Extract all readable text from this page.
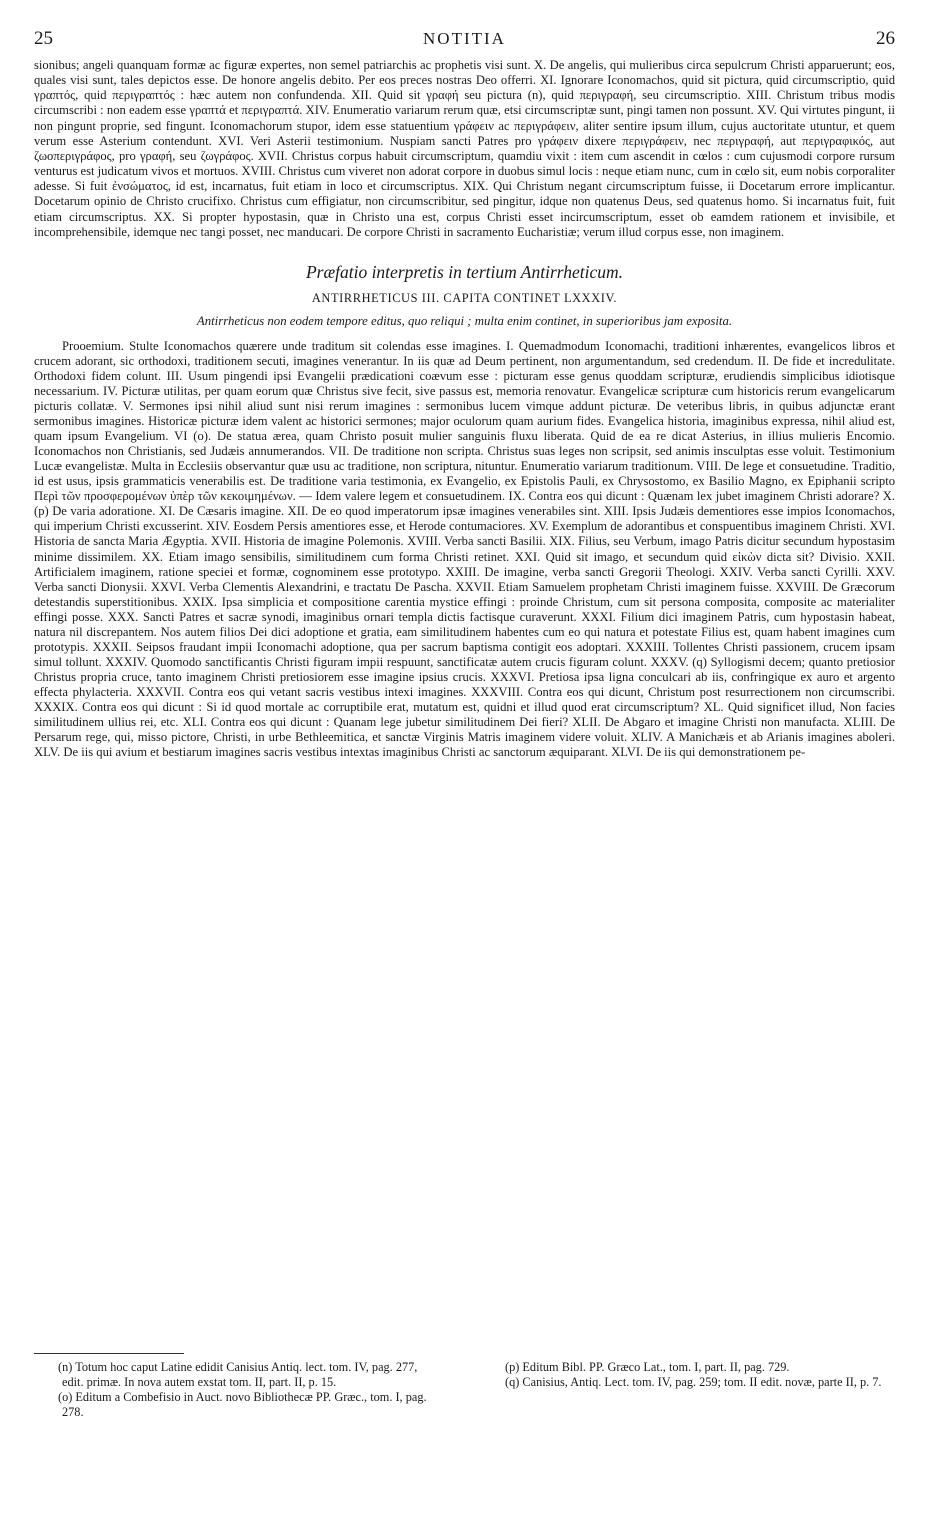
25	NOTITIA	26

sionibus; angeli quanquam formæ ac figuræ expertes, non semel patriarchis ac prophetis visi sunt. X. De angelis, qui mulieribus circa sepulcrum Christi apparuerunt; eos, quales visi sunt, tales depictos esse. De honore angelis debito. Per eos preces nostras Deo offerri. XI. Ignorare Iconomachos, quid sit pictura, quid circumscriptio, quid γραπτός, quid περιγραπτός : hæc autem non confundenda. XII. Quid sit γραφή seu pictura (n), quid περιγραφή, seu circumscriptio. XIII. Christum tribus modis circumscribi : non eadem esse γραπτά et περιγραπτά. XIV. Enumeratio variarum rerum quæ, etsi circumscriptæ sunt, pingi tamen non possunt. XV. Qui virtutes pingunt, ii non pingunt proprie, sed fingunt. Iconomachorum stupor, idem esse statuentium γράφειν ac περιγράφειν, aliter sentire ipsum illum, cujus auctoritate utuntur, et quem verum esse Asterium contendunt. XVI. Veri Asterii testimonium. Nuspiam sancti Patres pro γράφειν dixere περιγράφειν, nec περιγραφή, aut περιγραφικός, aut ζωοπεριγράφος, pro γραφή, seu ζωγράφος. XVII. Christus corpus habuit circumscriptum, quamdiu vixit : item cum ascendit in cœlos : cum cujusmodi corpore rursum venturus est judicatum vivos et mortuos. XVIII. Christus cum viveret non adorat corpore in duobus simul locis : neque etiam nunc, cum in cœlo sit, eum nobis corporaliter adesse. Si fuit ἐνσώματος, id est, incarnatus, fuit etiam in loco et circumscriptus. XIX. Qui Christum negant circumscriptum fuisse, ii Docetarum errore implicantur. Docetarum opinio de Christo crucifixo. Christus cum effigiatur, non circumscribitur, sed pingitur, idque non quatenus Deus, sed quatenus homo. Si incarnatus fuit, fuit etiam circumscriptus. XX. Si propter hypostasin, quæ in Christo una est, corpus Christi esset incircumscriptum, esset ob eamdem rationem et invisibile, et incomprehensibile, idemque nec tangi posset, nec manducari. De corpore Christi in sacramento Eucharistiæ; verum illud corpus esse, non imaginem.

Præfatio interpretis in tertium Antirrheticum.
ANTIRRHETICUS III. CAPITA CONTINET LXXXIV.
Antirrheticus non eodem tempore editus, quo reliqui ; multa enim continet, in superioribus jam exposita.

Prooemium. Stulte Iconomachos quærere unde traditum sit colendas esse imagines. I. Quemadmodum Iconomachi, traditioni inhærentes, evangelicos libros et crucem adorant, sic orthodoxi, traditionem secuti, imagines venerantur. In iis quæ ad Deum pertinent, non argumentandum, sed credendum. II. De fide et incredulitate. Orthodoxi fidem colunt. III. Usum pingendi ipsi Evangelii prædicationi coævum esse : picturam esse genus quoddam scripturæ, erudiendis simplicibus idiotisque necessarium. IV. Picturæ utilitas, per quam eorum quæ Christus sive fecit, sive passus est, memoria renovatur. Evangelicæ scripturæ cum historicis rerum evangelicarum picturis collatæ. V. Sermones ipsi nihil aliud sunt nisi rerum imagines : sermonibus lucem vimque addunt picturæ. De veteribus libris, in quibus adjunctæ erant sermonibus imagines. Historicæ picturæ idem valent ac historici sermones; major oculorum quam aurium fides. Evangelica historia, imaginibus expressa, nihil aliud est, quam ipsum Evangelium. VI (o). De statua ærea, quam Christo posuit mulier sanguinis fluxu liberata. Quid de ea re dicat Asterius, in illius mulieris Encomio. Iconomachos non Christianis, sed Judæis annumerandos. VII. De traditione non scripta. Christus suas leges non scripsit, sed animis insculptas esse voluit. Testimonium Lucæ evangelistæ. Multa in Ecclesiis observantur quæ usu ac traditione, non scriptura, nituntur. Enumeratio variarum traditionum. VIII. De lege et consuetudine. Traditio, id est usus, ipsis grammaticis venerabilis est. De traditione varia testimonia, ex Evangelio, ex Epistolis Pauli, ex Chrysostomo, ex Basilio Magno, ex Epiphanii scripto Περὶ τῶν προσφερομένων ὑπὲρ τῶν κεκοιμημένων. — Idem valere legem et consuetudinem. IX. Contra eos qui dicunt : Quænam lex jubet imaginem Christi adorare? X. (p) De varia adoratione. XI. De Cæsaris imagine. XII. De eo quod imperatorum ipsæ imagines venerabiles sint. XIII. Ipsis Judæis dementiores esse impios Iconomachos, qui imperium Christi excusserint. XIV. Eosdem Persis amentiores esse, et Herode contumaciores. XV. Exemplum de adorantibus et conspuentibus imaginem Christi. XVI. Historia de sancta Maria Ægyptia. XVII. Historia de imagine Polemonis. XVIII. Verba sancti Basilii. XIX. Filius, seu Verbum, imago Patris dicitur secundum hypostasim minime dissimilem. XX. Etiam imago sensibilis, similitudinem cum forma Christi retinet. XXI. Quid sit imago, et secundum quid εἰκὼν dicta sit? Divisio. XXII. Artificialem imaginem, ratione speciei et formæ, cognominem esse prototypo. XXIII. De imagine, verba sancti Gregorii Theologi. XXIV. Verba sancti Cyrilli. XXV. Verba sancti Dionysii. XXVI. Verba Clementis Alexandrini, e tractatu De Pascha. XXVII. Etiam Samuelem prophetam Christi imaginem fuisse. XXVIII. De Græcorum detestandis superstitionibus. XXIX. Ipsa simplicia et compositione carentia mystice effingi : proinde Christum, cum sit persona composita, composite ac materialiter effingi posse. XXX. Sancti Patres et sacræ synodi, imaginibus ornari templa dictis factisque curaverunt. XXXI. Filium dici imaginem Patris, cum hypostasin habeat, natura nil discrepantem. Nos autem filios Dei dici adoptione et gratia, eam similitudinem habentes cum eo qui natura et potestate Filius est, quam habent imagines cum prototypis. XXXII. Seipsos fraudant impii Iconomachi adoptione, qua per sacrum baptisma contigit eos adoptari. XXXIII. Tollentes Christi passionem, crucem ipsam simul tollunt. XXXIV. Quomodo sanctificantis Christi figuram impii respuunt, sanctificatæ autem crucis figuram colunt. XXXV. (q) Syllogismi decem; quanto pretiosior Christus propria cruce, tanto imaginem Christi pretiosiorem esse imagine ipsius crucis. XXXVI. Pretiosa ipsa ligna conculcari ab iis, confringique ex auro et argento effecta phylacteria. XXXVII. Contra eos qui vetant sacris vestibus intexi imagines. XXXVIII. Contra eos qui dicunt, Christum post resurrectionem non circumscribi. XXXIX. Contra eos qui dicunt : Si id quod mortale ac corruptibile erat, mutatum est, quidni et illud quod erat circumscriptum? XL. Quid significet illud, Non facies similitudinem ullius rei, etc. XLI. Contra eos qui dicunt : Quanam lege jubetur similitudinem Dei fieri? XLII. De Abgaro et imagine Christi non manufacta. XLIII. De Persarum rege, qui, misso pictore, Christi, in urbe Bethleemitica, et sanctæ Virginis Matris imaginem videre voluit. XLIV. A Manichæis et ab Arianis imagines aboleri. XLV. De iis qui avium et bestiarum imagines sacris vestibus intextas imaginibus Christi ac sanctorum æquiparant. XLVI. De iis qui demonstrationem pe-

(n) Totum hoc caput Latine edidit Canisius Antiq. lect. tom. IV, pag. 277, edit. primæ. In nova autem exstat tom. II, part. II, p. 15.

(o) Editum a Combefisio in Auct. novo Bibliothecæ PP. Græc., tom. I, pag. 278.

(p) Editum Bibl. PP. Græco Lat., tom. I, part. II, pag. 729.

(q) Canisius, Antiq. Lect. tom. IV, pag. 259; tom. II edit. novæ, parte II, p. 7.
